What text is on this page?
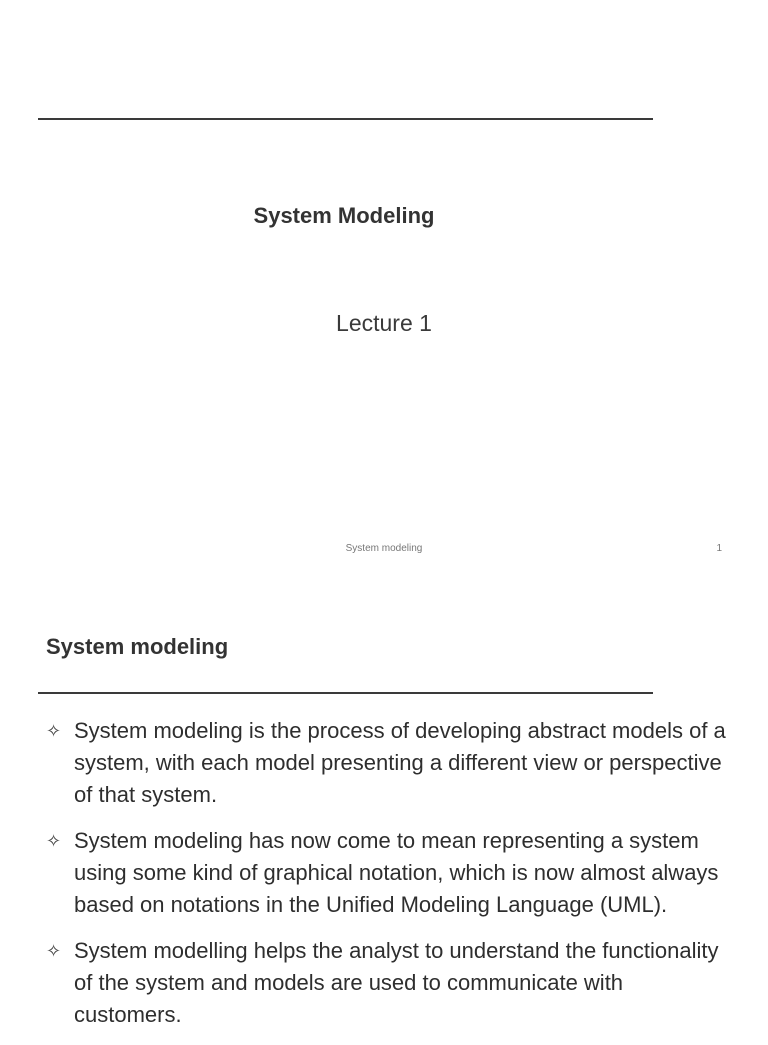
System Modeling
Lecture 1
System modeling	1
System modeling
✧ System modeling is the process of developing abstract models of a system, with each model presenting a different view or perspective of that system.
✧ System modeling has now come to mean representing a system using some kind of graphical notation, which is now almost always based on notations in the Unified Modeling Language (UML).
✧ System modelling helps the analyst to understand the functionality of the system and models are used to communicate with customers.
